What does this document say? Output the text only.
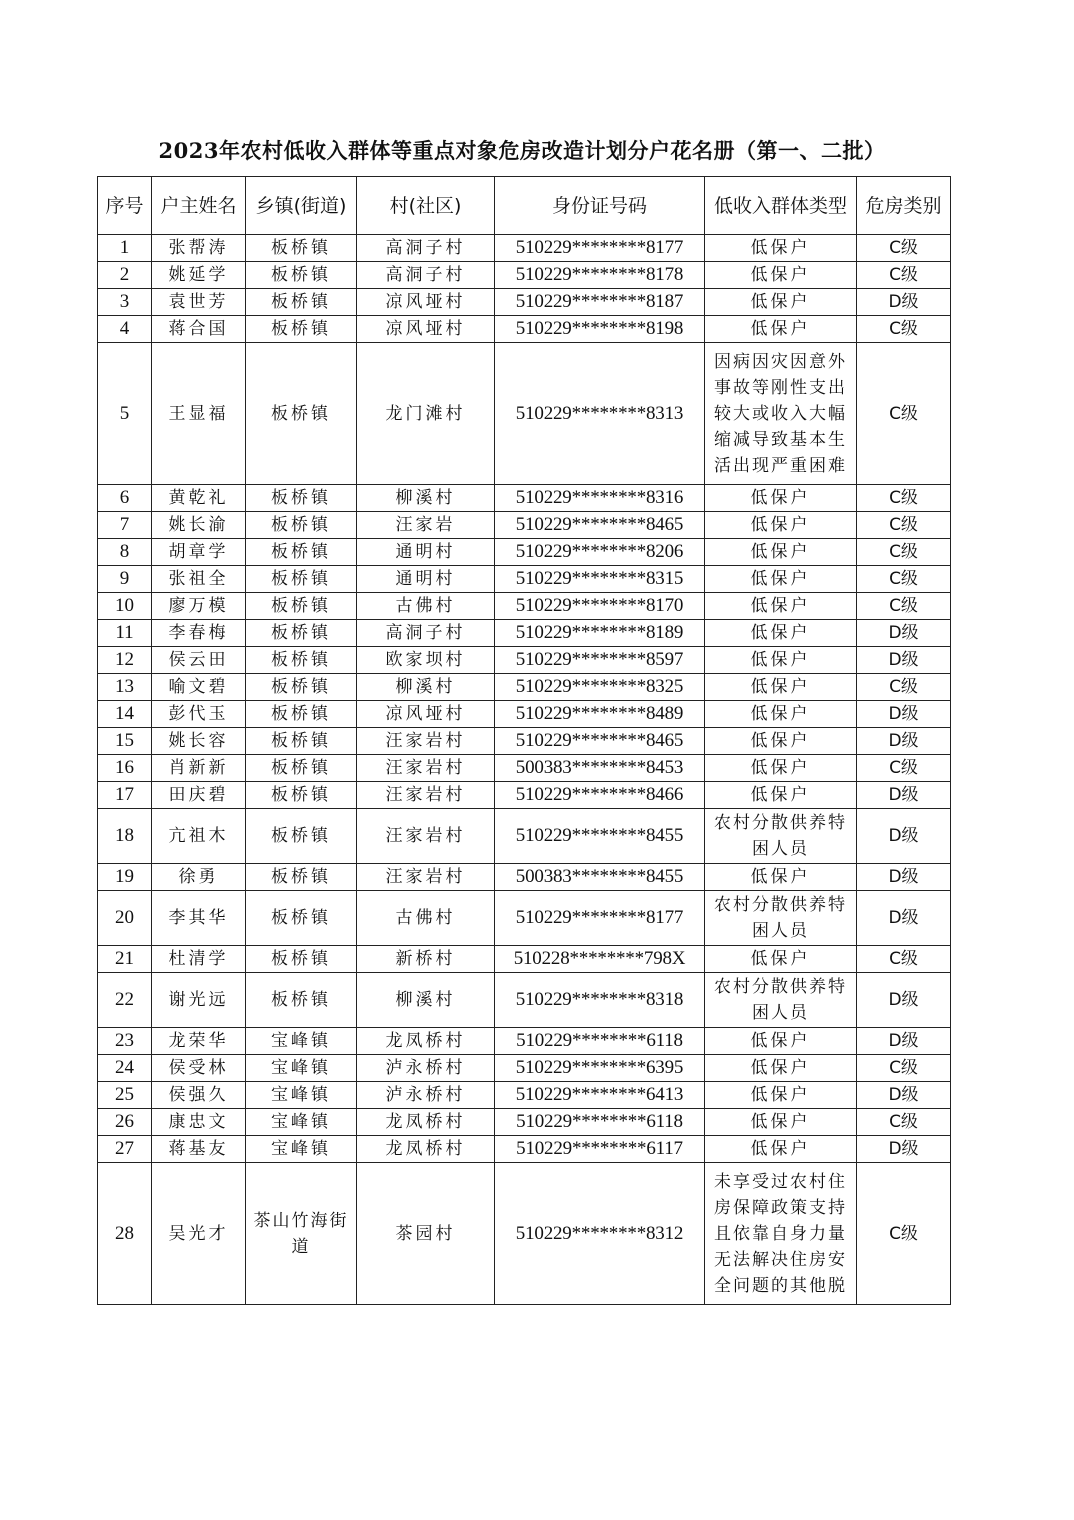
2023年农村低收入群体等重点对象危房改造计划分户花名册（第一、二批）
序号	户主姓名	乡镇(街道)	村(社区)	身份证号码	低收入群体类型	危房类别

1	张帮涛	板桥镇	高洞子村	510229********8177	低保户	C级
2	姚延学	板桥镇	高洞子村	510229********8178	低保户	C级
3	袁世芳	板桥镇	凉风垭村	510229********8187	低保户	D级
4	蒋合国	板桥镇	凉风垭村	510229********8198	低保户	C级
5	王显福	板桥镇	龙门滩村	510229********8313	因病因灾因意外事故等刚性支出较大或收入大幅缩减导致基本生活出现严重困难	C级
6	黄乾礼	板桥镇	柳溪村	510229********8316	低保户	C级
7	姚长渝	板桥镇	汪家岩	510229********8465	低保户	C级
8	胡章学	板桥镇	通明村	510229********8206	低保户	C级
9	张祖全	板桥镇	通明村	510229********8315	低保户	C级
10	廖万模	板桥镇	古佛村	510229********8170	低保户	C级
11	李春梅	板桥镇	高洞子村	510229********8189	低保户	D级
12	侯云田	板桥镇	欧家坝村	510229********8597	低保户	D级
13	喻文碧	板桥镇	柳溪村	510229********8325	低保户	C级
14	彭代玉	板桥镇	凉风垭村	510229********8489	低保户	D级
15	姚长容	板桥镇	汪家岩村	510229********8465	低保户	D级
16	肖新新	板桥镇	汪家岩村	500383********8453	低保户	C级
17	田庆碧	板桥镇	汪家岩村	510229********8466	低保户	D级
18	亢祖木	板桥镇	汪家岩村	510229********8455	农村分散供养特困人员	D级
19	徐勇	板桥镇	汪家岩村	500383********8455	低保户	D级
20	李其华	板桥镇	古佛村	510229********8177	农村分散供养特困人员	D级
21	杜清学	板桥镇	新桥村	510228********798X	低保户	C级
22	谢光远	板桥镇	柳溪村	510229********8318	农村分散供养特困人员	D级
23	龙荣华	宝峰镇	龙凤桥村	510229********6118	低保户	D级
24	侯受林	宝峰镇	泸永桥村	510229********6395	低保户	C级
25	侯强久	宝峰镇	泸永桥村	510229********6413	低保户	D级
26	康忠文	宝峰镇	龙凤桥村	510229********6118	低保户	C级
27	蒋基友	宝峰镇	龙凤桥村	510229********6117	低保户	D级
28	吴光才	茶山竹海街道	茶园村	510229********8312	未享受过农村住房保障政策支持且依靠自身力量无法解决住房安全问题的其他脱	C级
